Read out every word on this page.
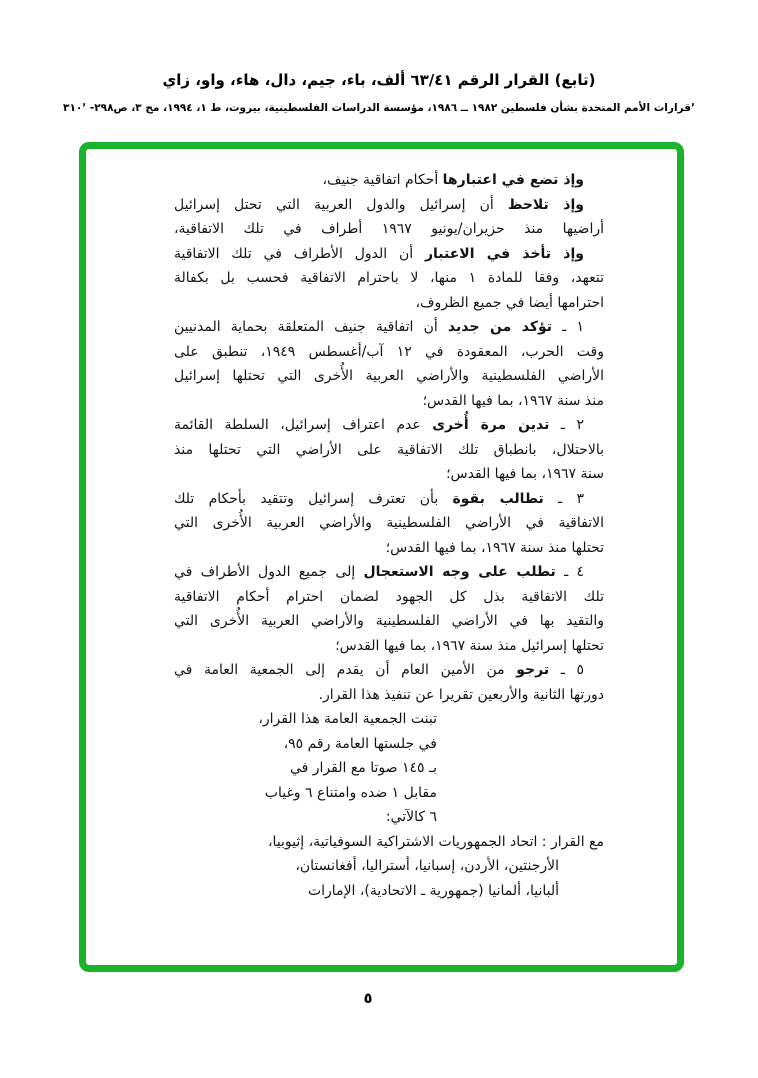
(تابع) القرار الرقم ٦٣/٤١ ألف، باء، جيم، دال، هاء، واو، زاي
ʼقرارات الأمم المتحدة بشأن فلسطين ١٩٨٢ ــ ١٩٨٦، مؤسسة الدراسات الفلسطينية، بيروت، ط ١، ١٩٩٤، مج ٣، ص٢٩٨- ٣١٠ʼ
وإذ تضع في اعتبارها أحكام اتفاقية جنيف،
وإذ تلاحظ أن إسرائيل والدول العربية التي تحتل إسرائيل
أراضيها منذ حزيران/يونيو ١٩٦٧ أطراف في تلك الاتفاقية،
وإذ تأخذ في الاعتبار أن الدول الأطراف في تلك الاتفاقية
تتعهد، وفقا للمادة ١ منها، لا باحترام الاتفاقية فحسب بل بكفالة
احترامها أيضا في جميع الظروف،
١ ـ تؤكد من جديد أن اتفاقية جنيف المتعلقة بحماية المدنيين
وقت الحرب، المعقودة في ١٢ آب/أغسطس ١٩٤٩، تنطبق على
الأراضي الفلسطينية والأراضي العربية الأُخرى التي تحتلها إسرائيل
منذ سنة ١٩٦٧، بما فيها القدس؛
٢ ـ تدين مرة أُخرى عدم اعتراف إسرائيل، السلطة القائمة
بالاحتلال، بانطباق تلك الاتفاقية على الأراضي التي تحتلها منذ
سنة ١٩٦٧، بما فيها القدس؛
٣ ـ تطالب بقوة بأن تعترف إسرائيل وتتقيد بأحكام تلك
الاتفاقية في الأراضي الفلسطينية والأراضي العربية الأُخرى التي
تحتلها منذ سنة ١٩٦٧، بما فيها القدس؛
٤ ـ تطلب على وجه الاستعجال إلى جميع الدول الأطراف في
تلك الاتفاقية بذل كل الجهود لضمان احترام أحكام الاتفاقية
والتقيد بها في الأراضي الفلسطينية والأراضي العربية الأُخرى التي
تحتلها إسرائيل منذ سنة ١٩٦٧، بما فيها القدس؛
٥ ـ ترجو من الأمين العام أن يقدم إلى الجمعية العامة في
دورتها الثانية والأربعين تقريرا عن تنفيذ هذا القرار.
تبنت الجمعية العامة هذا القرار،
في جلستها العامة رقم ٩٥،
بـ ١٤٥ صوتا مع القرار في
مقابل ١ ضده وامتناع ٦ وغياب
٦ كالآتي:
مع القرار : اتحاد الجمهوريات الاشتراكية السوفياتية، إثيوبيا،
الأرجنتين، الأردن، إسبانيا، أستراليا، أفغانستان،
ألبانيا، ألمانيا (جمهورية ـ الاتحادية)، الإمارات
٥
